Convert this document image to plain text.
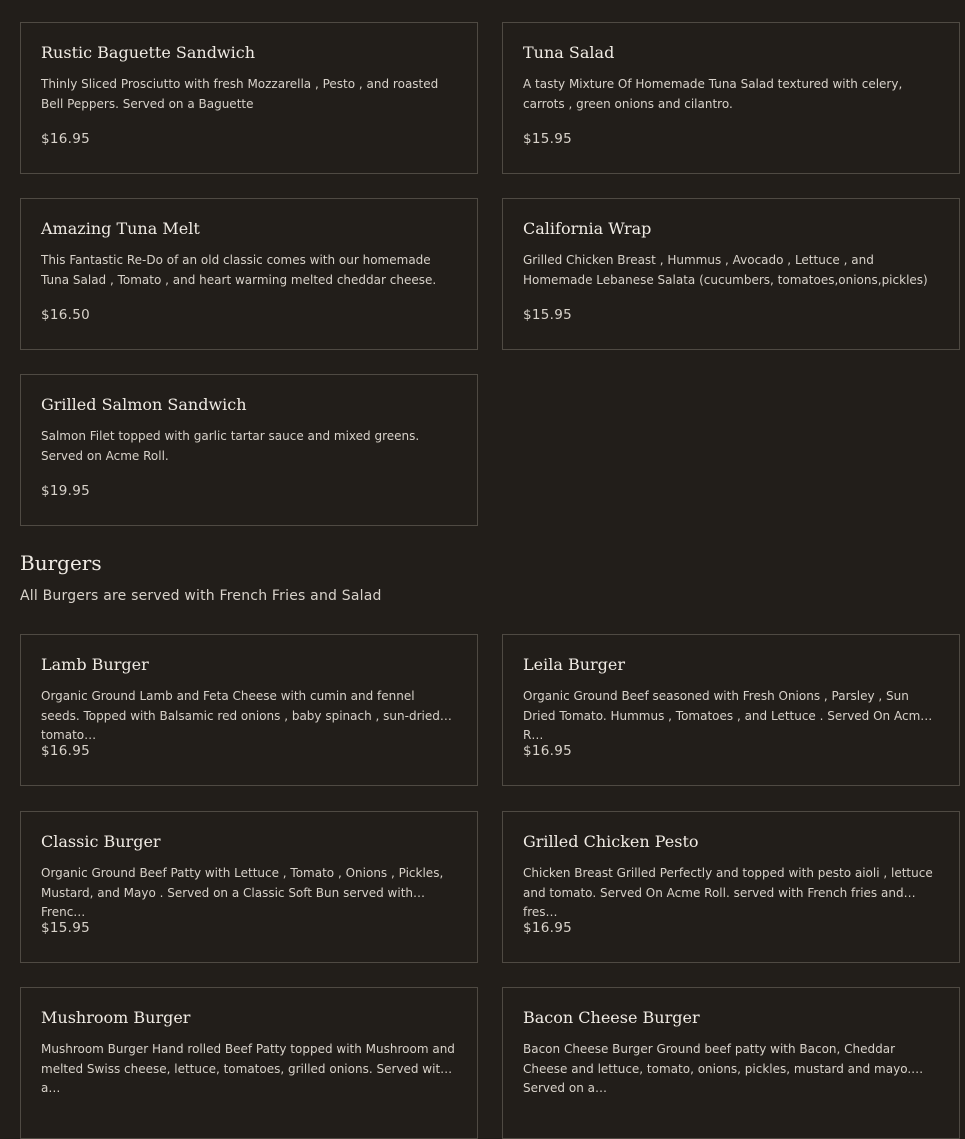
Rustic Baguette Sandwich
Thinly Sliced Prosciutto with fresh Mozzarella , Pesto , and roasted Bell Peppers. Served on a Baguette
$16.95
Tuna Salad
A tasty Mixture Of Homemade Tuna Salad textured with celery, carrots , green onions and cilantro.
$15.95
Amazing Tuna Melt
This Fantastic Re-Do of an old classic comes with our homemade Tuna Salad , Tomato , and heart warming melted cheddar cheese.
$16.50
California Wrap
Grilled Chicken Breast , Hummus , Avocado , Lettuce , and Homemade Lebanese Salata (cucumbers, tomatoes,onions,pickles)
$15.95
Grilled Salmon Sandwich
Salmon Filet topped with garlic tartar sauce and mixed greens. Served on Acme Roll.
$19.95
Burgers
All Burgers are served with French Fries and Salad
Lamb Burger
Organic Ground Lamb and Feta Cheese with cumin and fennel seeds. Topped with Balsamic red onions , baby spinach , sun-dried tomato…
$16.95
Leila Burger
Organic Ground Beef seasoned with Fresh Onions , Parsley , Sun Dried Tomato. Hummus , Tomatoes , and Lettuce . Served On Acme R…
$16.95
Classic Burger
Organic Ground Beef Patty with Lettuce , Tomato , Onions , Pickles, Mustard, and Mayo . Served on a Classic Soft Bun served with Frenc…
$15.95
Grilled Chicken Pesto
Chicken Breast Grilled Perfectly and topped with pesto aioli , lettuce and tomato. Served On Acme Roll. served with French fries and fres…
$16.95
Mushroom Burger
Mushroom Burger Hand rolled Beef Patty topped with Mushroom and melted Swiss cheese, lettuce, tomatoes, grilled onions. Served with a…
Bacon Cheese Burger
Bacon Cheese Burger Ground beef patty with Bacon, Cheddar Cheese and lettuce, tomato, onions, pickles, mustard and mayo. Served on a…
